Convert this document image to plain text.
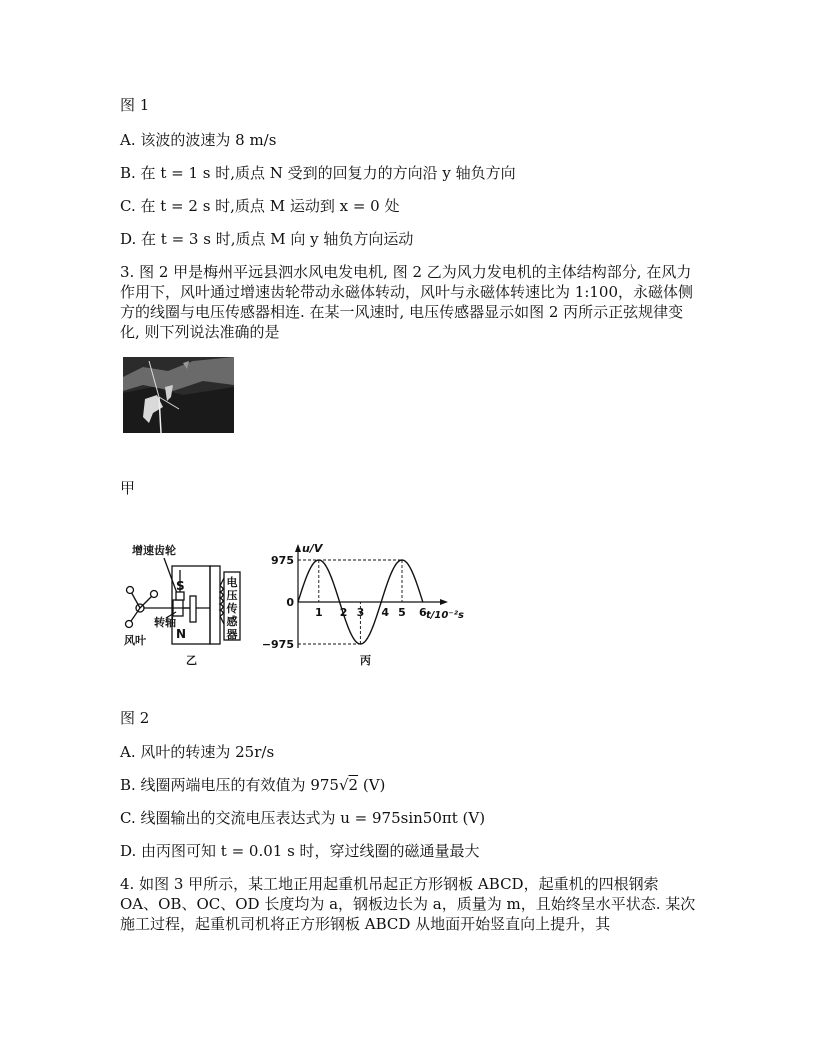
图 1
A. 该波的波速为 8 m/s
B. 在 t = 1 s 时,质点 N 受到的回复力的方向沿 y 轴负方向
C. 在 t = 2 s 时,质点 M 运动到 x = 0 处
D. 在 t = 3 s 时,质点 M 向 y 轴负方向运动
3. 图 2 甲是梅州平远县泗水风电发电机, 图 2 乙为风力发电机的主体结构部分, 在风力作用下，风叶通过增速齿轮带动永磁体转动，风叶与永磁体转速比为 1:100，永磁体侧方的线圈与电压传感器相连. 在某一风速时, 电压传感器显示如图 2 丙所示正弦规律变化, 则下列说法准确的是
甲
增速齿轮
转轴
风叶
S
N
电
压
传
感
器
乙
u/V
t/10⁻²s
丙
1 2 3 4 5 6
975
0
−975
图 2
A. 风叶的转速为 25r/s
B. 线圈两端电压的有效值为 975√2 (V)
C. 线圈输出的交流电压表达式为 u = 975sin50πt (V)
D. 由丙图可知 t = 0.01 s 时，穿过线圈的磁通量最大
4. 如图 3 甲所示，某工地正用起重机吊起正方形钢板 ABCD，起重机的四根钢索 OA、OB、OC、OD 长度均为 a，钢板边长为 a，质量为 m，且始终呈水平状态. 某次施工过程，起重机司机将正方形钢板 ABCD 从地面开始竖直向上提升，其
